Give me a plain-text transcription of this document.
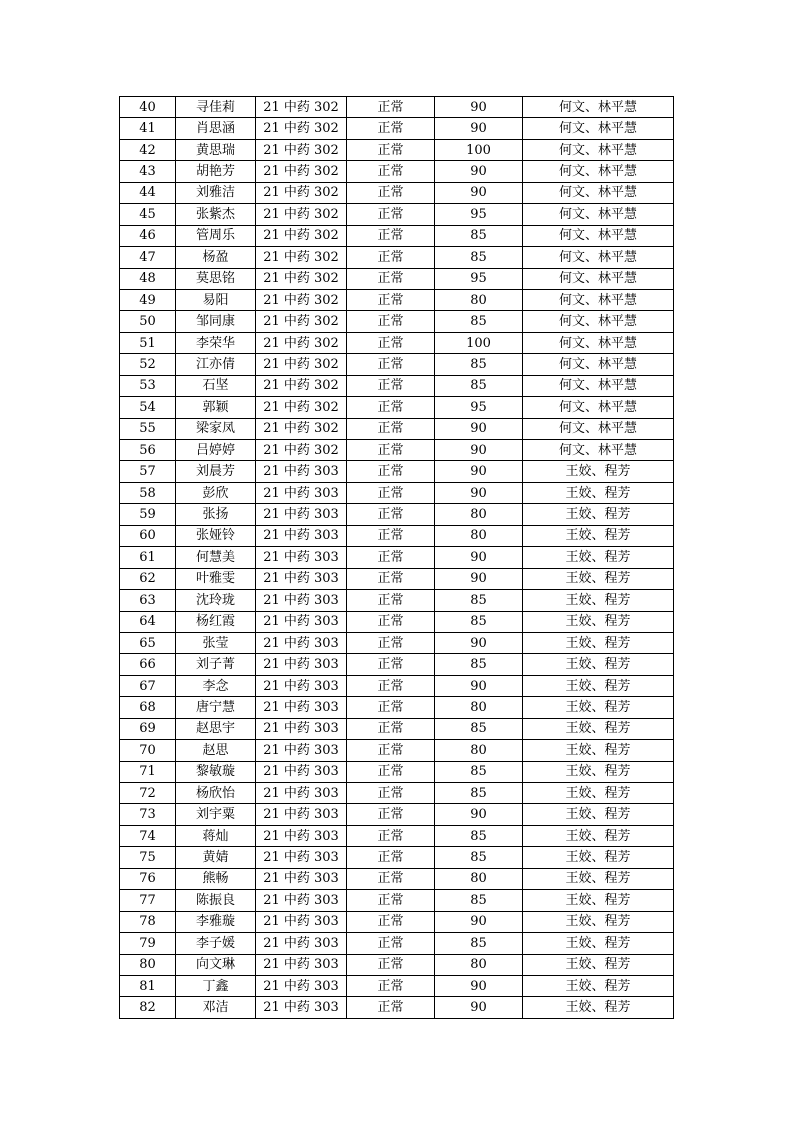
40	寻佳莉	21 中药 302	正常	90	何文、林平慧
41	肖思涵	21 中药 302	正常	90	何文、林平慧
42	黄思瑞	21 中药 302	正常	100	何文、林平慧
43	胡艳芳	21 中药 302	正常	90	何文、林平慧
44	刘雅洁	21 中药 302	正常	90	何文、林平慧
45	张紫杰	21 中药 302	正常	95	何文、林平慧
46	管周乐	21 中药 302	正常	85	何文、林平慧
47	杨盈	21 中药 302	正常	85	何文、林平慧
48	莫思铭	21 中药 302	正常	95	何文、林平慧
49	易阳	21 中药 302	正常	80	何文、林平慧
50	邹同康	21 中药 302	正常	85	何文、林平慧
51	李荣华	21 中药 302	正常	100	何文、林平慧
52	江亦倩	21 中药 302	正常	85	何文、林平慧
53	石坚	21 中药 302	正常	85	何文、林平慧
54	郭颖	21 中药 302	正常	95	何文、林平慧
55	梁家凤	21 中药 302	正常	90	何文、林平慧
56	吕婷婷	21 中药 302	正常	90	何文、林平慧
57	刘晨芳	21 中药 303	正常	90	王姣、程芳
58	彭欣	21 中药 303	正常	90	王姣、程芳
59	张扬	21 中药 303	正常	80	王姣、程芳
60	张娅铃	21 中药 303	正常	80	王姣、程芳
61	何慧美	21 中药 303	正常	90	王姣、程芳
62	叶雅雯	21 中药 303	正常	90	王姣、程芳
63	沈玲珑	21 中药 303	正常	85	王姣、程芳
64	杨红霞	21 中药 303	正常	85	王姣、程芳
65	张莹	21 中药 303	正常	90	王姣、程芳
66	刘子菁	21 中药 303	正常	85	王姣、程芳
67	李念	21 中药 303	正常	90	王姣、程芳
68	唐宁慧	21 中药 303	正常	80	王姣、程芳
69	赵思宇	21 中药 303	正常	85	王姣、程芳
70	赵思	21 中药 303	正常	80	王姣、程芳
71	黎敏璇	21 中药 303	正常	85	王姣、程芳
72	杨欣怡	21 中药 303	正常	85	王姣、程芳
73	刘宇粟	21 中药 303	正常	90	王姣、程芳
74	蒋灿	21 中药 303	正常	85	王姣、程芳
75	黄婧	21 中药 303	正常	85	王姣、程芳
76	熊畅	21 中药 303	正常	80	王姣、程芳
77	陈振良	21 中药 303	正常	85	王姣、程芳
78	李雅璇	21 中药 303	正常	90	王姣、程芳
79	李子媛	21 中药 303	正常	85	王姣、程芳
80	向文琳	21 中药 303	正常	80	王姣、程芳
81	丁鑫	21 中药 303	正常	90	王姣、程芳
82	邓洁	21 中药 303	正常	90	王姣、程芳
